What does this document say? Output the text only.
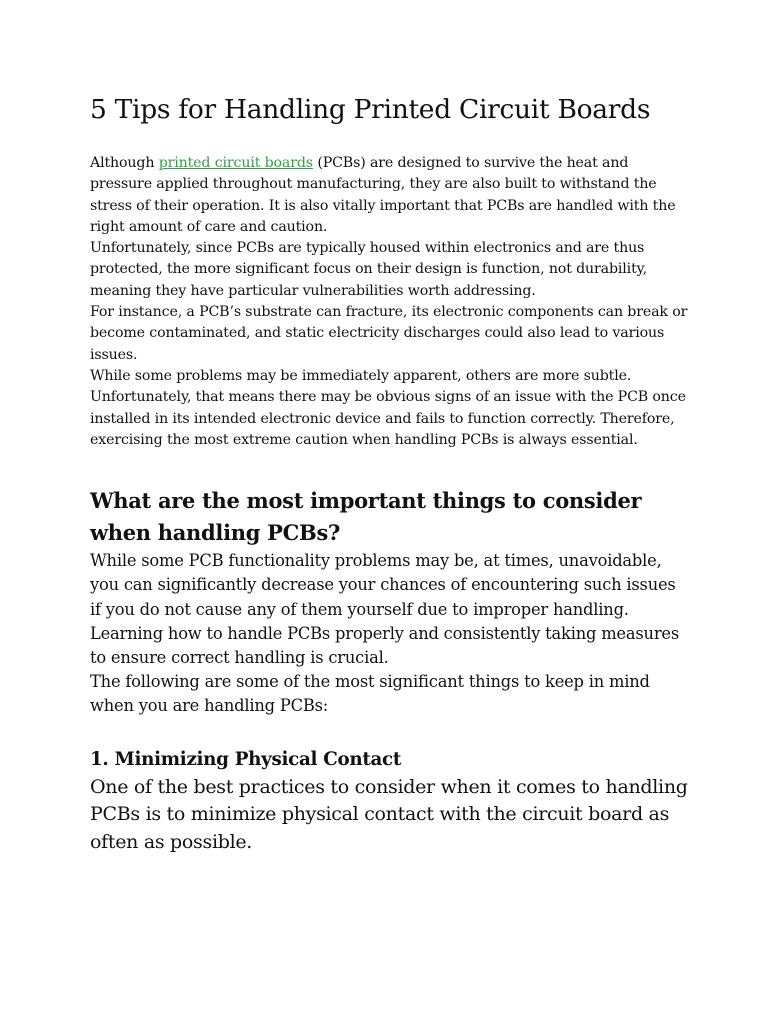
5 Tips for Handling Printed Circuit Boards

Although printed circuit boards (PCBs) are designed to survive the heat and pressure applied throughout manufacturing, they are also built to withstand the stress of their operation. It is also vitally important that PCBs are handled with the right amount of care and caution.

Unfortunately, since PCBs are typically housed within electronics and are thus protected, the more significant focus on their design is function, not durability, meaning they have particular vulnerabilities worth addressing.

For instance, a PCB’s substrate can fracture, its electronic components can break or become contaminated, and static electricity discharges could also lead to various issues.

While some problems may be immediately apparent, others are more subtle. Unfortunately, that means there may be obvious signs of an issue with the PCB once installed in its intended electronic device and fails to function correctly. Therefore, exercising the most extreme caution when handling PCBs is always essential.

What are the most important things to consider when handling PCBs?

While some PCB functionality problems may be, at times, unavoidable, you can significantly decrease your chances of encountering such issues if you do not cause any of them yourself due to improper handling. Learning how to handle PCBs properly and consistently taking measures to ensure correct handling is crucial.

The following are some of the most significant things to keep in mind when you are handling PCBs:

1. Minimizing Physical Contact

One of the best practices to consider when it comes to handling PCBs is to minimize physical contact with the circuit board as often as possible.
